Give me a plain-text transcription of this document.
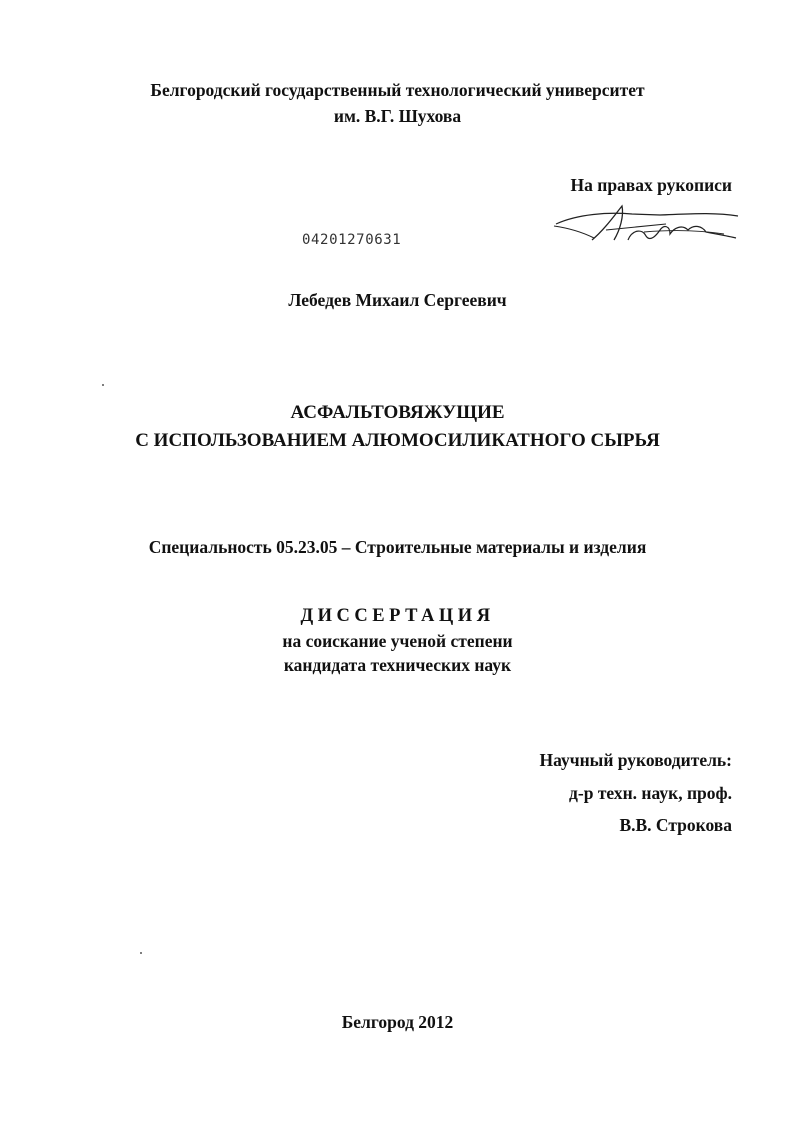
Белгородский государственный технологический университет
им. В.Г. Шухова
На правах рукописи
04201270631
Лебедев Михаил Сергеевич
АСФАЛЬТОВЯЖУЩИЕ
С ИСПОЛЬЗОВАНИЕМ АЛЮМОСИЛИКАТНОГО СЫРЬЯ
Специальность 05.23.05 – Строительные материалы и изделия
ДИССЕРТАЦИЯ
на соискание ученой степени
кандидата технических наук
Научный руководитель:
д-р техн. наук, проф.
В.В. Строкова
Белгород 2012
